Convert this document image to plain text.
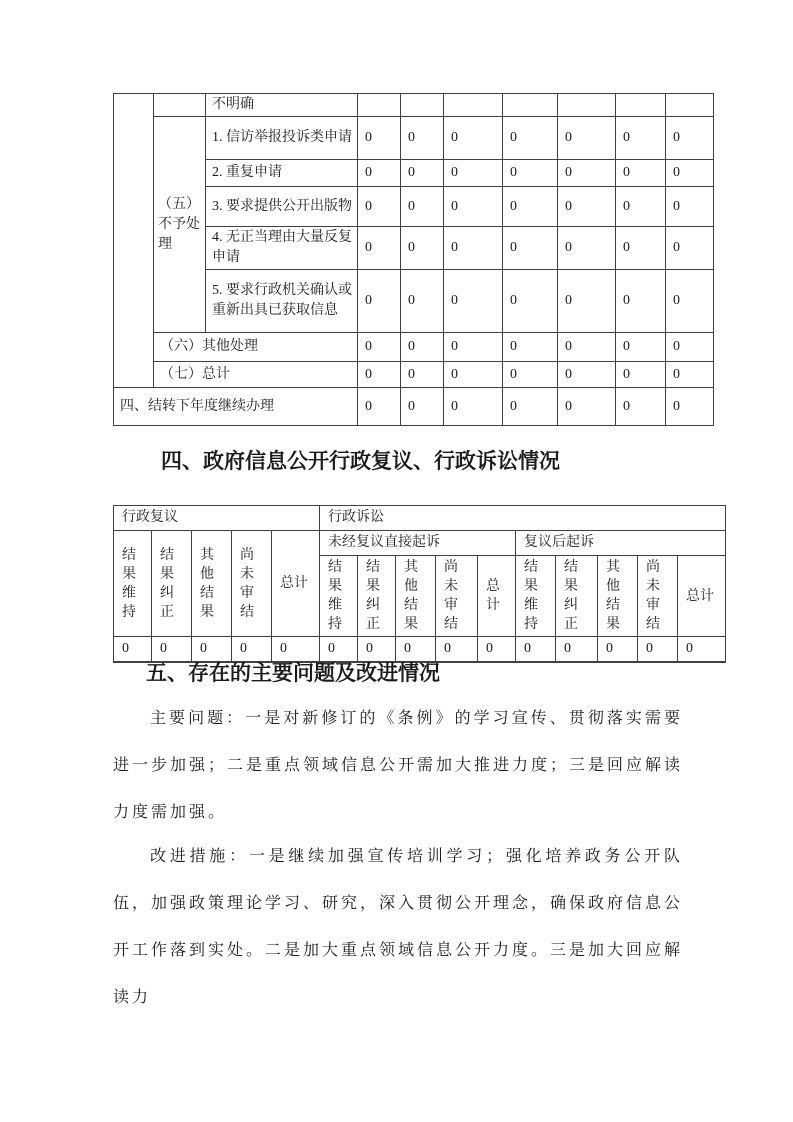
		不明确							
	（五）不予处理	1. 信访举报投诉类申请	0	0	0	0	0	0	0
		2. 重复申请	0	0	0	0	0	0	0
		3. 要求提供公开出版物	0	0	0	0	0	0	0
		4. 无正当理由大量反复申请	0	0	0	0	0	0	0
		5. 要求行政机关确认或重新出具已获取信息	0	0	0	0	0	0	0
	（六）其他处理		0	0	0	0	0	0	0
	（七）总计		0	0	0	0	0	0	0
四、结转下年度继续办理			0	0	0	0	0	0	0
四、政府信息公开行政复议、行政诉讼情况
行政复议					行政诉讼									
结果维持	结果纠正	其他结果	尚未审结	总计	未经复议直接起诉					复议后起诉				
					结果维持	结果纠正	其他结果	尚未审结	总计	结果维持	结果纠正	其他结果	尚未审结	总计
0	0	0	0	0	0	0	0	0	0	0	0	0	0	0
五、存在的主要问题及改进情况
主要问题：一是对新修订的《条例》的学习宣传、贯彻落实需要进一步加强；二是重点领域信息公开需加大推进力度；三是回应解读力度需加强。
改进措施：一是继续加强宣传培训学习；强化培养政务公开队伍，加强政策理论学习、研究，深入贯彻公开理念，确保政府信息公开工作落到实处。二是加大重点领域信息公开力度。三是加大回应解读力
